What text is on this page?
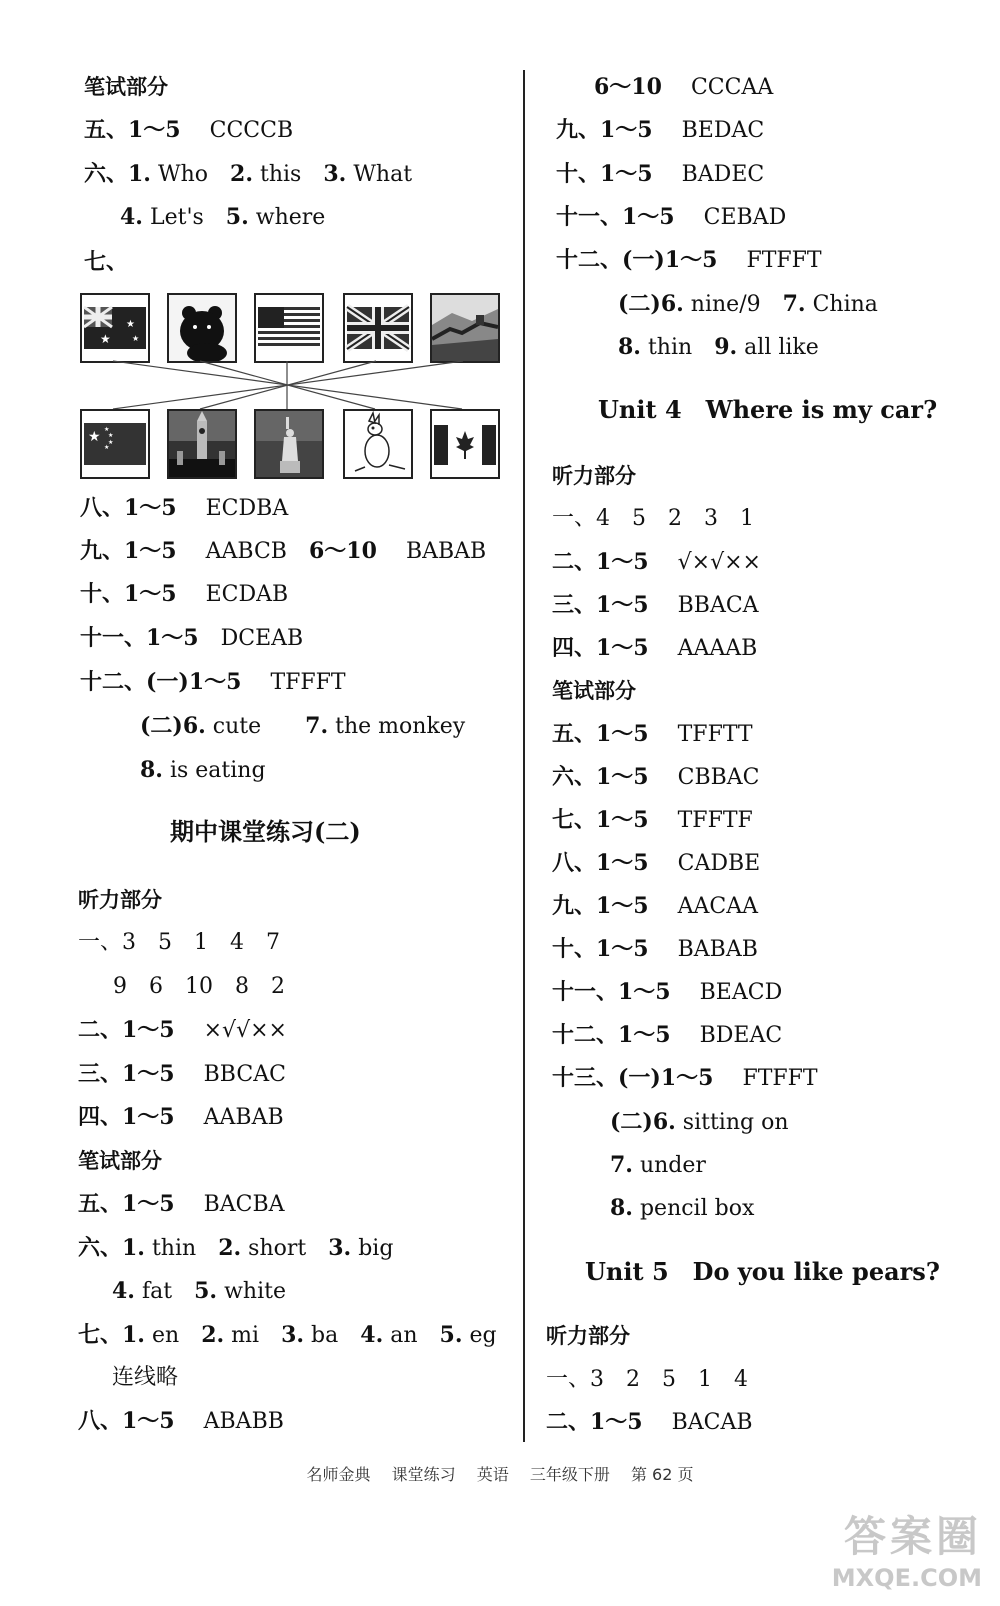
笔试部分
五、1～5　 CCCCB
六、1. Who　 2. this　 3. What
4. Let's　 5. where
七、
★
★
★
★ ★
★
★
★
八、1～5　 ECDBA
九、1～5　 AABCB　 6～10　 BABAB
十、1～5　 ECDAB
十一、1～5　 DCEAB
十二、(一)1～5　 TFFFT
(二)6. cute　　 7. the monkey
8. is eating
期中课堂练习(二)
听力部分
一、3　5　1　4　7
9　6　10　8　2
二、1～5　 ×√√××
三、1～5　 BBCAC
四、1～5　 AABAB
笔试部分
五、1～5　 BACBA
六、1. thin　 2. short　 3. big
4. fat　 5. white
七、1. en　 2. mi　 3. ba　 4. an　 5. eg
连线略
八、1～5　 ABABB
6～10　 CCCAA
九、1～5　 BEDAC
十、1～5　 BADEC
十一、1～5　 CEBAD
十二、(一)1～5　 FTFFT
(二)6. nine/9　 7. China
8. thin　 9. all like
Unit 4　Where is my car?
听力部分
一、4　5　2　3　1
二、1～5　 √×√××
三、1～5　 BBACA
四、1～5　 AAAAB
笔试部分
五、1～5　 TFFTT
六、1～5　 CBBAC
七、1～5　 TFFTF
八、1～5　 CADBE
九、1～5　 AACAA
十、1～5　 BABAB
十一、1～5　 BEACD
十二、1～5　 BDEAC
十三、(一)1～5　 FTFFT
(二)6. sitting on
7. under
8. pencil box
Unit 5　Do you like pears?
听力部分
一、3　2　5　1　4
二、1～5　 BACAB
名师金典 课堂练习 英语 三年级下册 第 62 页
答案圈
MXQE.COM
